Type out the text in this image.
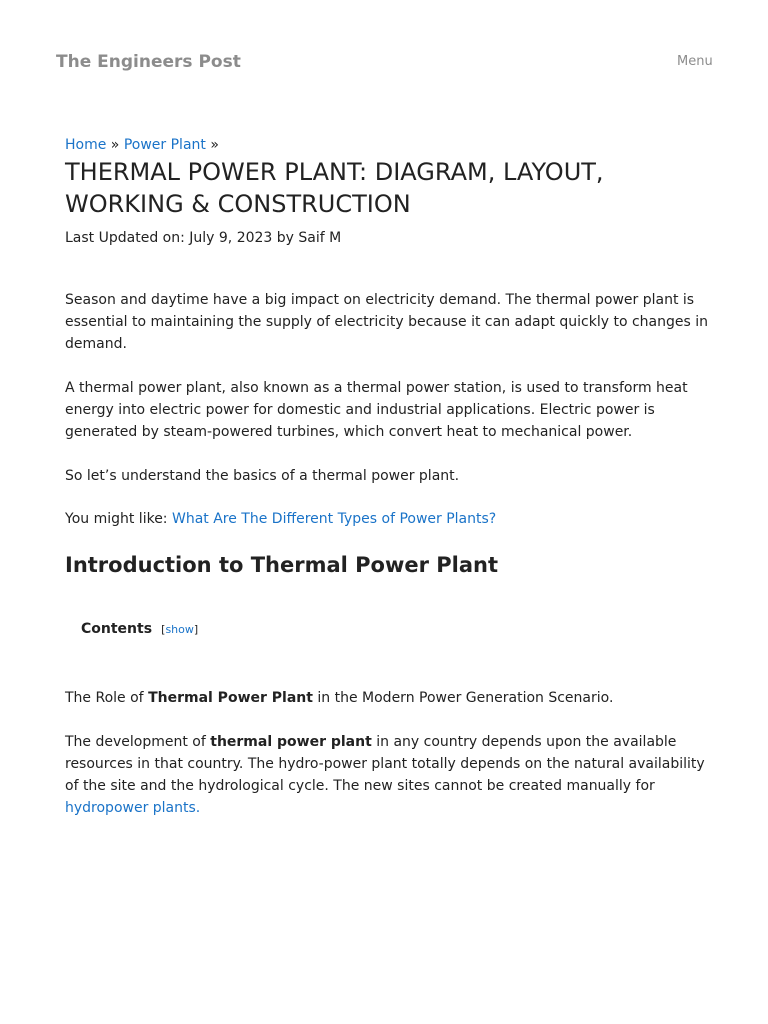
The Engineers Post	Menu
Home » Power Plant »
THERMAL POWER PLANT: DIAGRAM, LAYOUT, WORKING & CONSTRUCTION
Last Updated on: July 9, 2023 by Saif M

Season and daytime have a big impact on electricity demand. The thermal power plant is essential to maintaining the supply of electricity because it can adapt quickly to changes in demand.

A thermal power plant, also known as a thermal power station, is used to transform heat energy into electric power for domestic and industrial applications. Electric power is generated by steam-powered turbines, which convert heat to mechanical power.

So let’s understand the basics of a thermal power plant.

You might like: What Are The Different Types of Power Plants?

Introduction to Thermal Power Plant
Contents [show]

The Role of Thermal Power Plant in the Modern Power Generation Scenario.

The development of thermal power plant in any country depends upon the available resources in that country. The hydro-power plant totally depends on the natural availability of the site and the hydrological cycle. The new sites cannot be created manually for hydropower plants.
